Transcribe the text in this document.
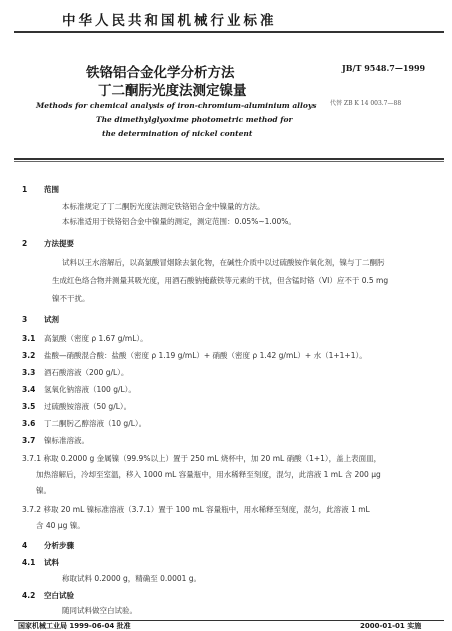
中华人民共和国机械行业标准
铁铬铝合金化学分析方法
丁二酮肟光度法测定镍量
JB/T 9548.7—1999
代替 ZB K 14 003.7—88
Methods for chemical analysis of iron-chromium-aluminium alloys
The dimethylglyoxime photometric method for
the determination of nickel content
1 范围
本标准规定了丁二酮肟光度法测定铁铬铝合金中镍量的方法。
本标准适用于铁铬铝合金中镍量的测定，测定范围：0.05%~1.00%。
2 方法提要
试料以王水溶解后，以高氯酸冒烟除去氯化物，在碱性介质中以过硫酸铵作氧化剂，镍与丁二酮肟
生成红色络合物并测量其吸光度，用酒石酸钠掩蔽铁等元素的干扰，但含锰时铬（VI）应不于 0.5 mg
镍不干扰。
3 试剂
3.1 高氯酸（密度 ρ 1.67 g/mL）。
3.2 盐酸—硝酸混合酸：盐酸（密度 ρ 1.19 g/mL）+ 硝酸（密度 ρ 1.42 g/mL）+ 水（1+1+1）。
3.3 酒石酸溶液（200 g/L）。
3.4 氢氧化钠溶液（100 g/L）。
3.5 过硫酸铵溶液（50 g/L）。
3.6 丁二酮肟乙醇溶液（10 g/L）。
3.7 镍标准溶液。
3.7.1 称取 0.2000 g 金属镍（99.9%以上）置于 250 mL 烧杯中，加 20 mL 硝酸（1+1），盖上表面皿，
加热溶解后，冷却至室温，移入 1000 mL 容量瓶中，用水稀释至刻度，混匀，此溶液 1 mL 含 200 μg
镍。
3.7.2 移取 20 mL 镍标准溶液（3.7.1）置于 100 mL 容量瓶中，用水稀释至刻度，混匀，此溶液 1 mL
含 40 μg 镍。
4 分析步骤
4.1 试料
称取试料 0.2000 g，精确至 0.0001 g。
4.2 空白试验
随同试料做空白试验。
国家机械工业局 1999-06-04 批准	2000-01-01 实施
